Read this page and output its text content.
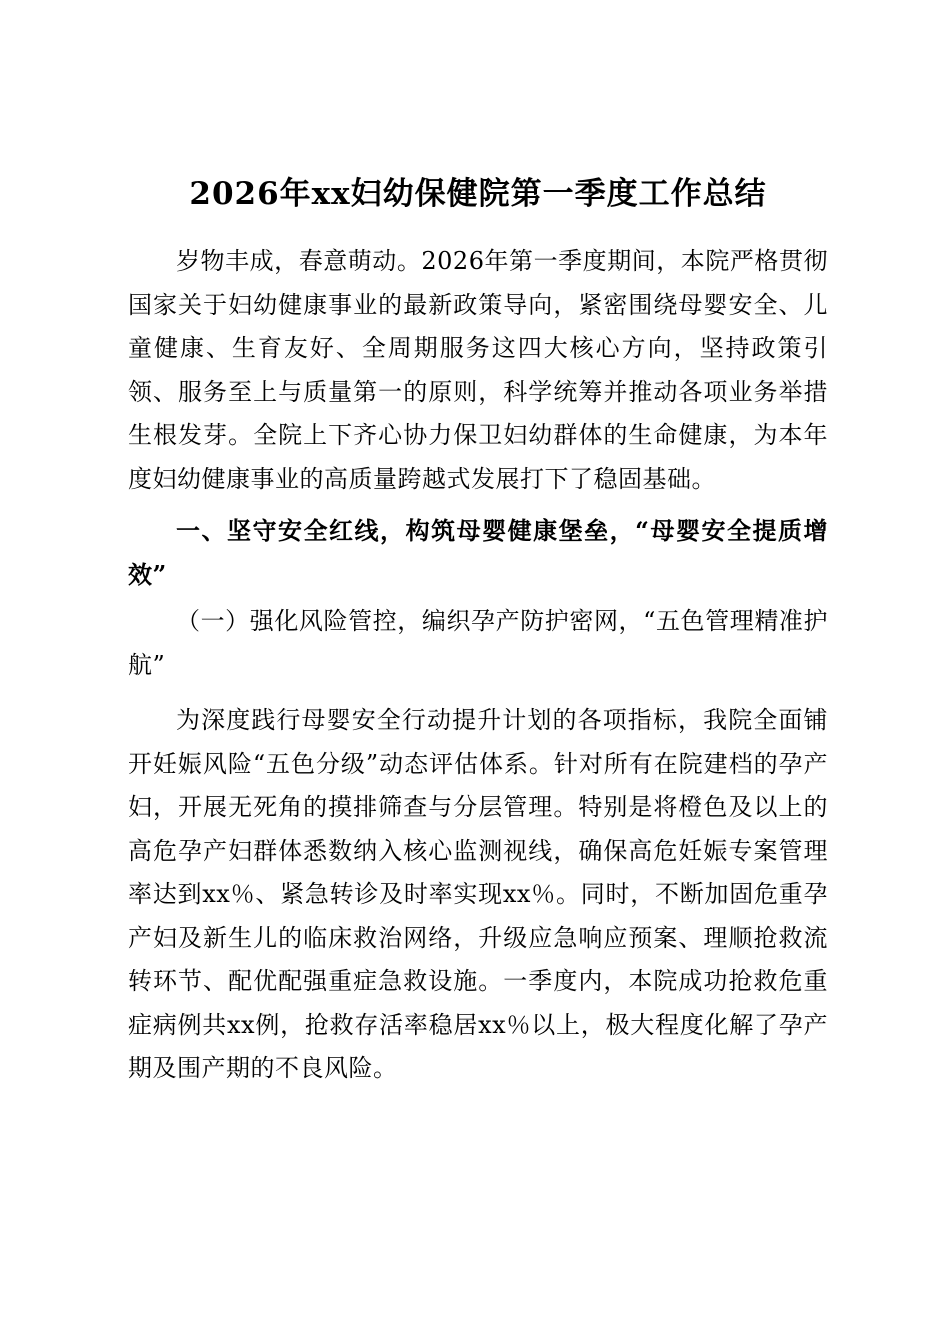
2026年xx妇幼保健院第一季度工作总结

岁物丰成，春意萌动。2026年第一季度期间，本院严格贯彻国家关于妇幼健康事业的最新政策导向，紧密围绕母婴安全、儿童健康、生育友好、全周期服务这四大核心方向，坚持政策引领、服务至上与质量第一的原则，科学统筹并推动各项业务举措生根发芽。全院上下齐心协力保卫妇幼群体的生命健康，为本年度妇幼健康事业的高质量跨越式发展打下了稳固基础。

一、坚守安全红线，构筑母婴健康堡垒，“母婴安全提质增效”

（一）强化风险管控，编织孕产防护密网，“五色管理精准护航”

为深度践行母婴安全行动提升计划的各项指标，我院全面铺开妊娠风险“五色分级”动态评估体系。针对所有在院建档的孕产妇，开展无死角的摸排筛查与分层管理。特别是将橙色及以上的高危孕产妇群体悉数纳入核心监测视线，确保高危妊娠专案管理率达到xx％、紧急转诊及时率实现xx％。同时，不断加固危重孕产妇及新生儿的临床救治网络，升级应急响应预案、理顺抢救流转环节、配优配强重症急救设施。一季度内，本院成功抢救危重症病例共xx例，抢救存活率稳居xx％以上，极大程度化解了孕产期及围产期的不良风险。
